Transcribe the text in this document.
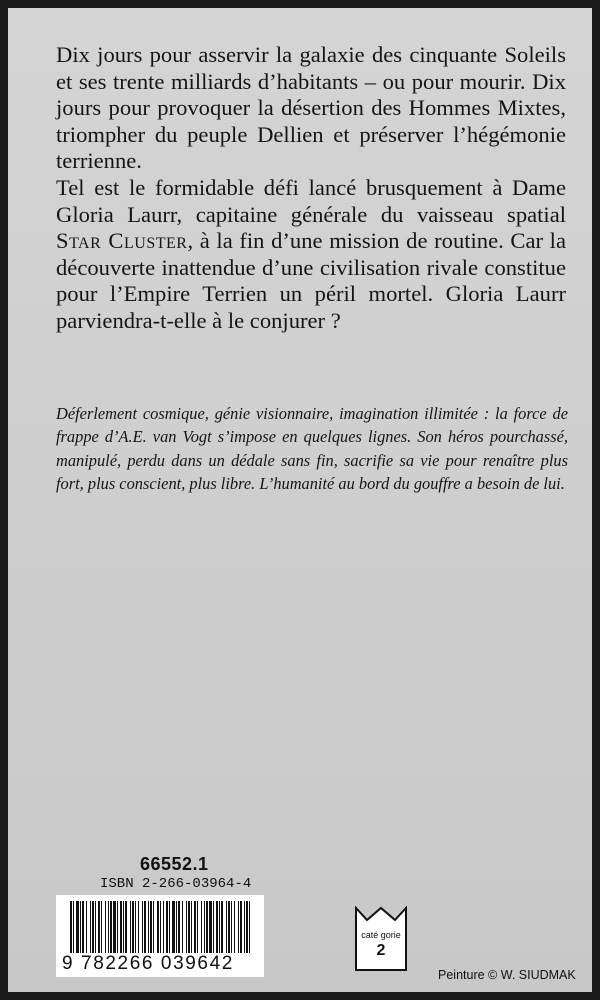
Dix jours pour asservir la galaxie des cinquante Soleils et ses trente milliards d’habitants – ou pour mourir. Dix jours pour provoquer la désertion des Hommes Mixtes, triompher du peuple Dellien et préserver l’hégémonie terrienne.

Tel est le formidable défi lancé brusquement à Dame Gloria Laurr, capitaine générale du vaisseau spatial Star Cluster, à la fin d’une mission de routine. Car la découverte inattendue d’une civilisation rivale constitue pour l’Empire Terrien un péril mortel. Gloria Laurr parviendra-t-elle à le conjurer ?

Déferlement cosmique, génie visionnaire, imagination illimitée : la force de frappe d’A.E. van Vogt s’impose en quelques lignes. Son héros pourchassé, manipulé, perdu dans un dédale sans fin, sacrifie sa vie pour renaître plus fort, plus conscient, plus libre. L’humanité au bord du gouffre a besoin de lui.

66552.1
ISBN 2-266-03964-4
9 782266 039642
caté gorie
2
Peinture © W. SIUDMAK
